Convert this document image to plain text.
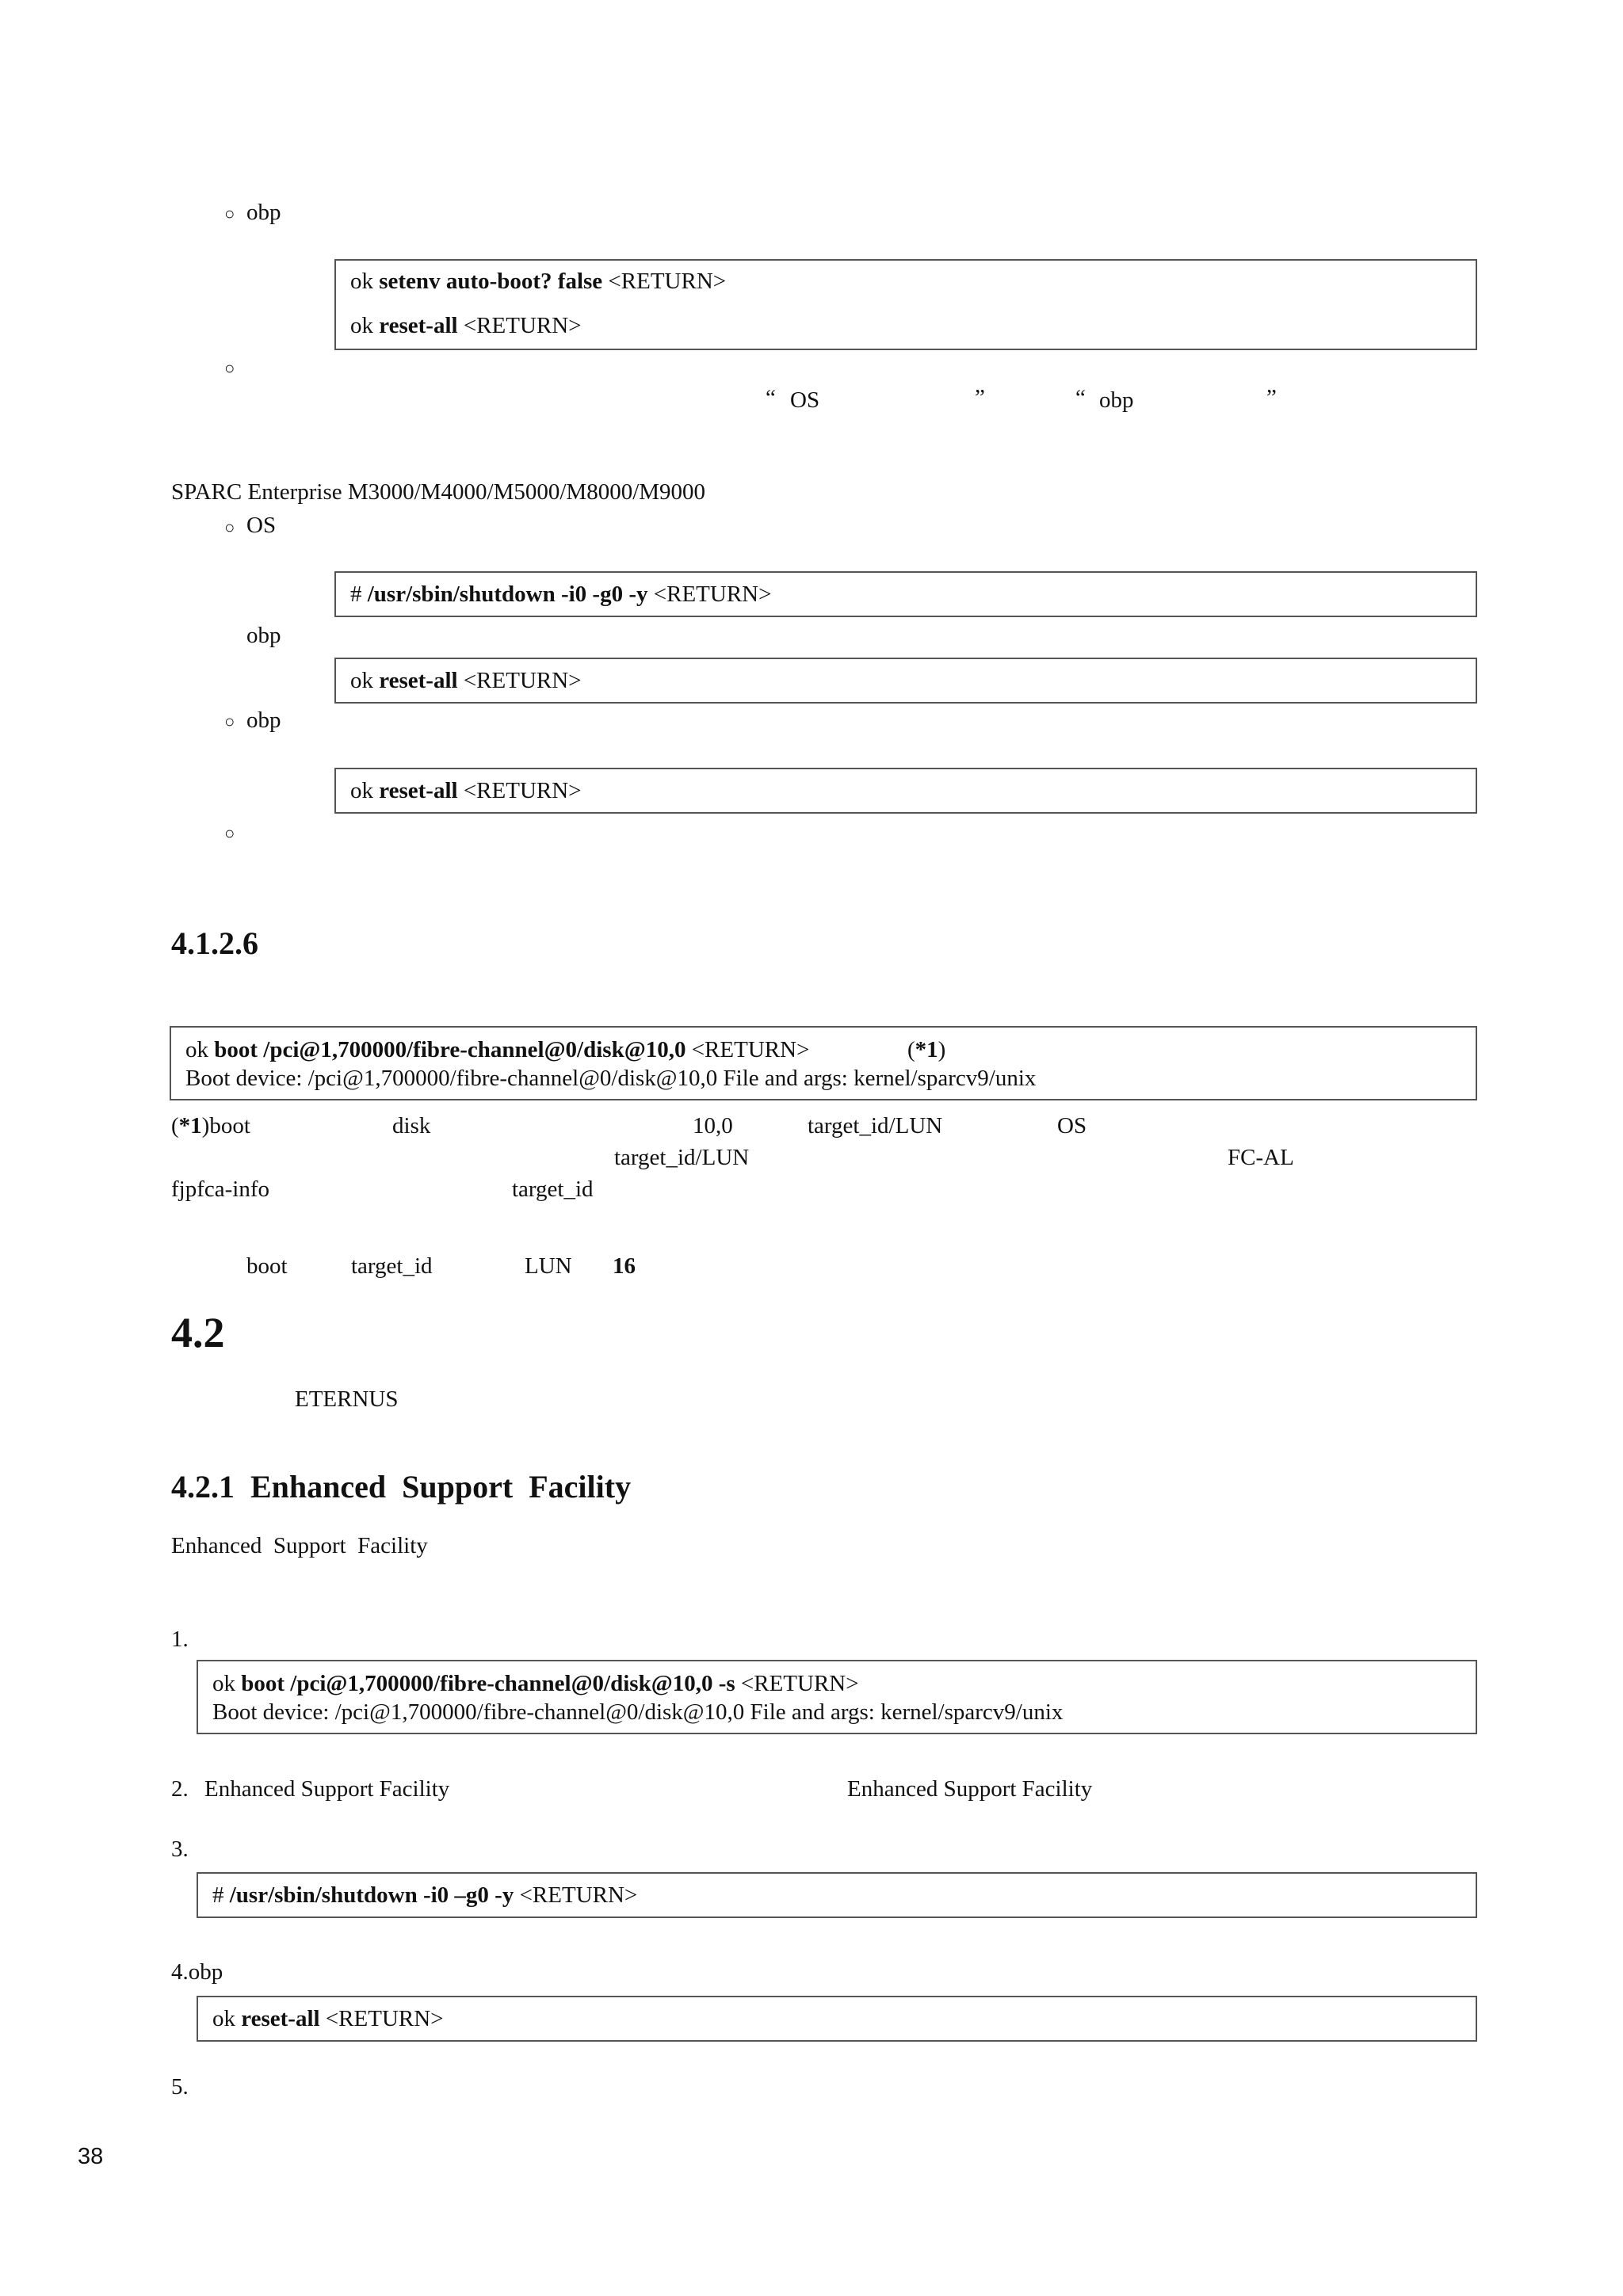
○ obp
ok setenv auto-boot? false <RETURN>
ok reset-all <RETURN>
○
“ OS	”	“ obp	”
SPARC Enterprise M3000/M4000/M5000/M8000/M9000
○ OS
# /usr/sbin/shutdown -i0 -g0 -y <RETURN>
obp
ok reset-all <RETURN>
○ obp
ok reset-all <RETURN>
○
4.1.2.6
ok boot /pci@1,700000/fibre-channel@0/disk@10,0 <RETURN>	(*1)
Boot device: /pci@1,700000/fibre-channel@0/disk@10,0 File and args: kernel/sparcv9/unix
(*1)boot	disk	10,0	target_id/LUN	OS
target_id/LUN	FC-AL
fjpfca-info	target_id
boot	target_id	LUN 16
4.2
ETERNUS
4.2.1  Enhanced  Support  Facility
Enhanced  Support  Facility
1.
ok boot /pci@1,700000/fibre-channel@0/disk@10,0 -s <RETURN>
Boot device: /pci@1,700000/fibre-channel@0/disk@10,0 File and args: kernel/sparcv9/unix
2. Enhanced Support Facility	Enhanced Support Facility
3.
# /usr/sbin/shutdown -i0 –g0 -y <RETURN>
4.obp
ok reset-all <RETURN>
5.
38
